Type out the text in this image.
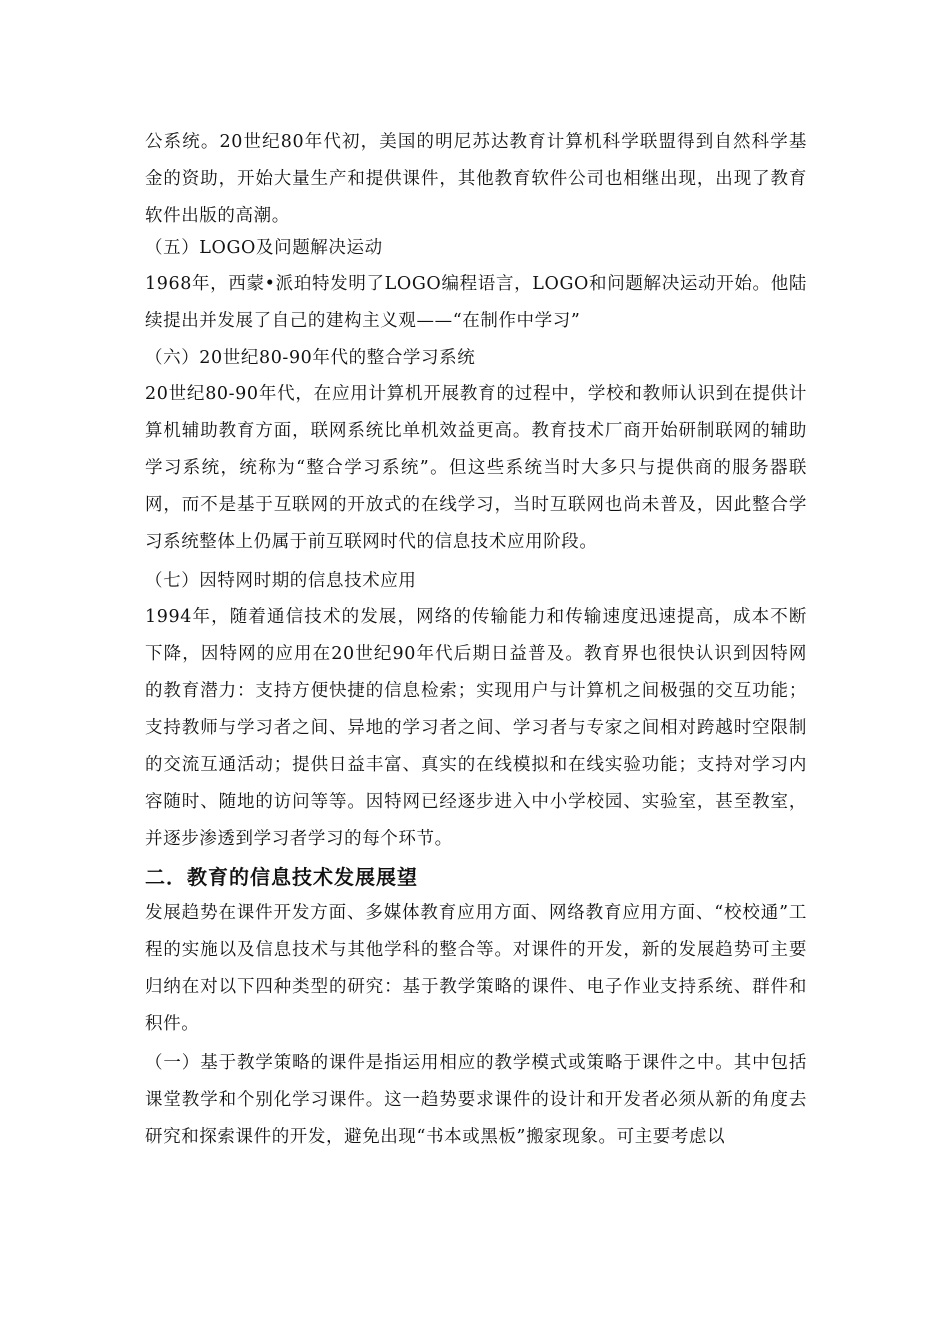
公系统。20世纪80年代初，美国的明尼苏达教育计算机科学联盟得到自然科学基金的资助，开始大量生产和提供课件，其他教育软件公司也相继出现，出现了教育软件出版的高潮。
（五）LOGO及问题解决运动
1968年，西蒙•派珀特发明了LOGO编程语言，LOGO和问题解决运动开始。他陆续提出并发展了自己的建构主义观——“在制作中学习”
（六）20世纪80-90年代的整合学习系统
20世纪80-90年代，在应用计算机开展教育的过程中，学校和教师认识到在提供计算机辅助教育方面，联网系统比单机效益更高。教育技术厂商开始研制联网的辅助学习系统，统称为“整合学习系统”。但这些系统当时大多只与提供商的服务器联网，而不是基于互联网的开放式的在线学习，当时互联网也尚未普及，因此整合学习系统整体上仍属于前互联网时代的信息技术应用阶段。
（七）因特网时期的信息技术应用
1994年，随着通信技术的发展，网络的传输能力和传输速度迅速提高，成本不断下降，因特网的应用在20世纪90年代后期日益普及。教育界也很快认识到因特网的教育潜力：支持方便快捷的信息检索；实现用户与计算机之间极强的交互功能；支持教师与学习者之间、异地的学习者之间、学习者与专家之间相对跨越时空限制的交流互通活动；提供日益丰富、真实的在线模拟和在线实验功能；支持对学习内容随时、随地的访问等等。因特网已经逐步进入中小学校园、实验室，甚至教室，并逐步渗透到学习者学习的每个环节。
二．教育的信息技术发展展望
发展趋势在课件开发方面、多媒体教育应用方面、网络教育应用方面、“校校通”工程的实施以及信息技术与其他学科的整合等。对课件的开发，新的发展趋势可主要归纳在对以下四种类型的研究：基于教学策略的课件、电子作业支持系统、群件和积件。
（一）基于教学策略的课件是指运用相应的教学模式或策略于课件之中。其中包括课堂教学和个别化学习课件。这一趋势要求课件的设计和开发者必须从新的角度去研究和探索课件的开发，避免出现“书本或黑板”搬家现象。可主要考虑以
